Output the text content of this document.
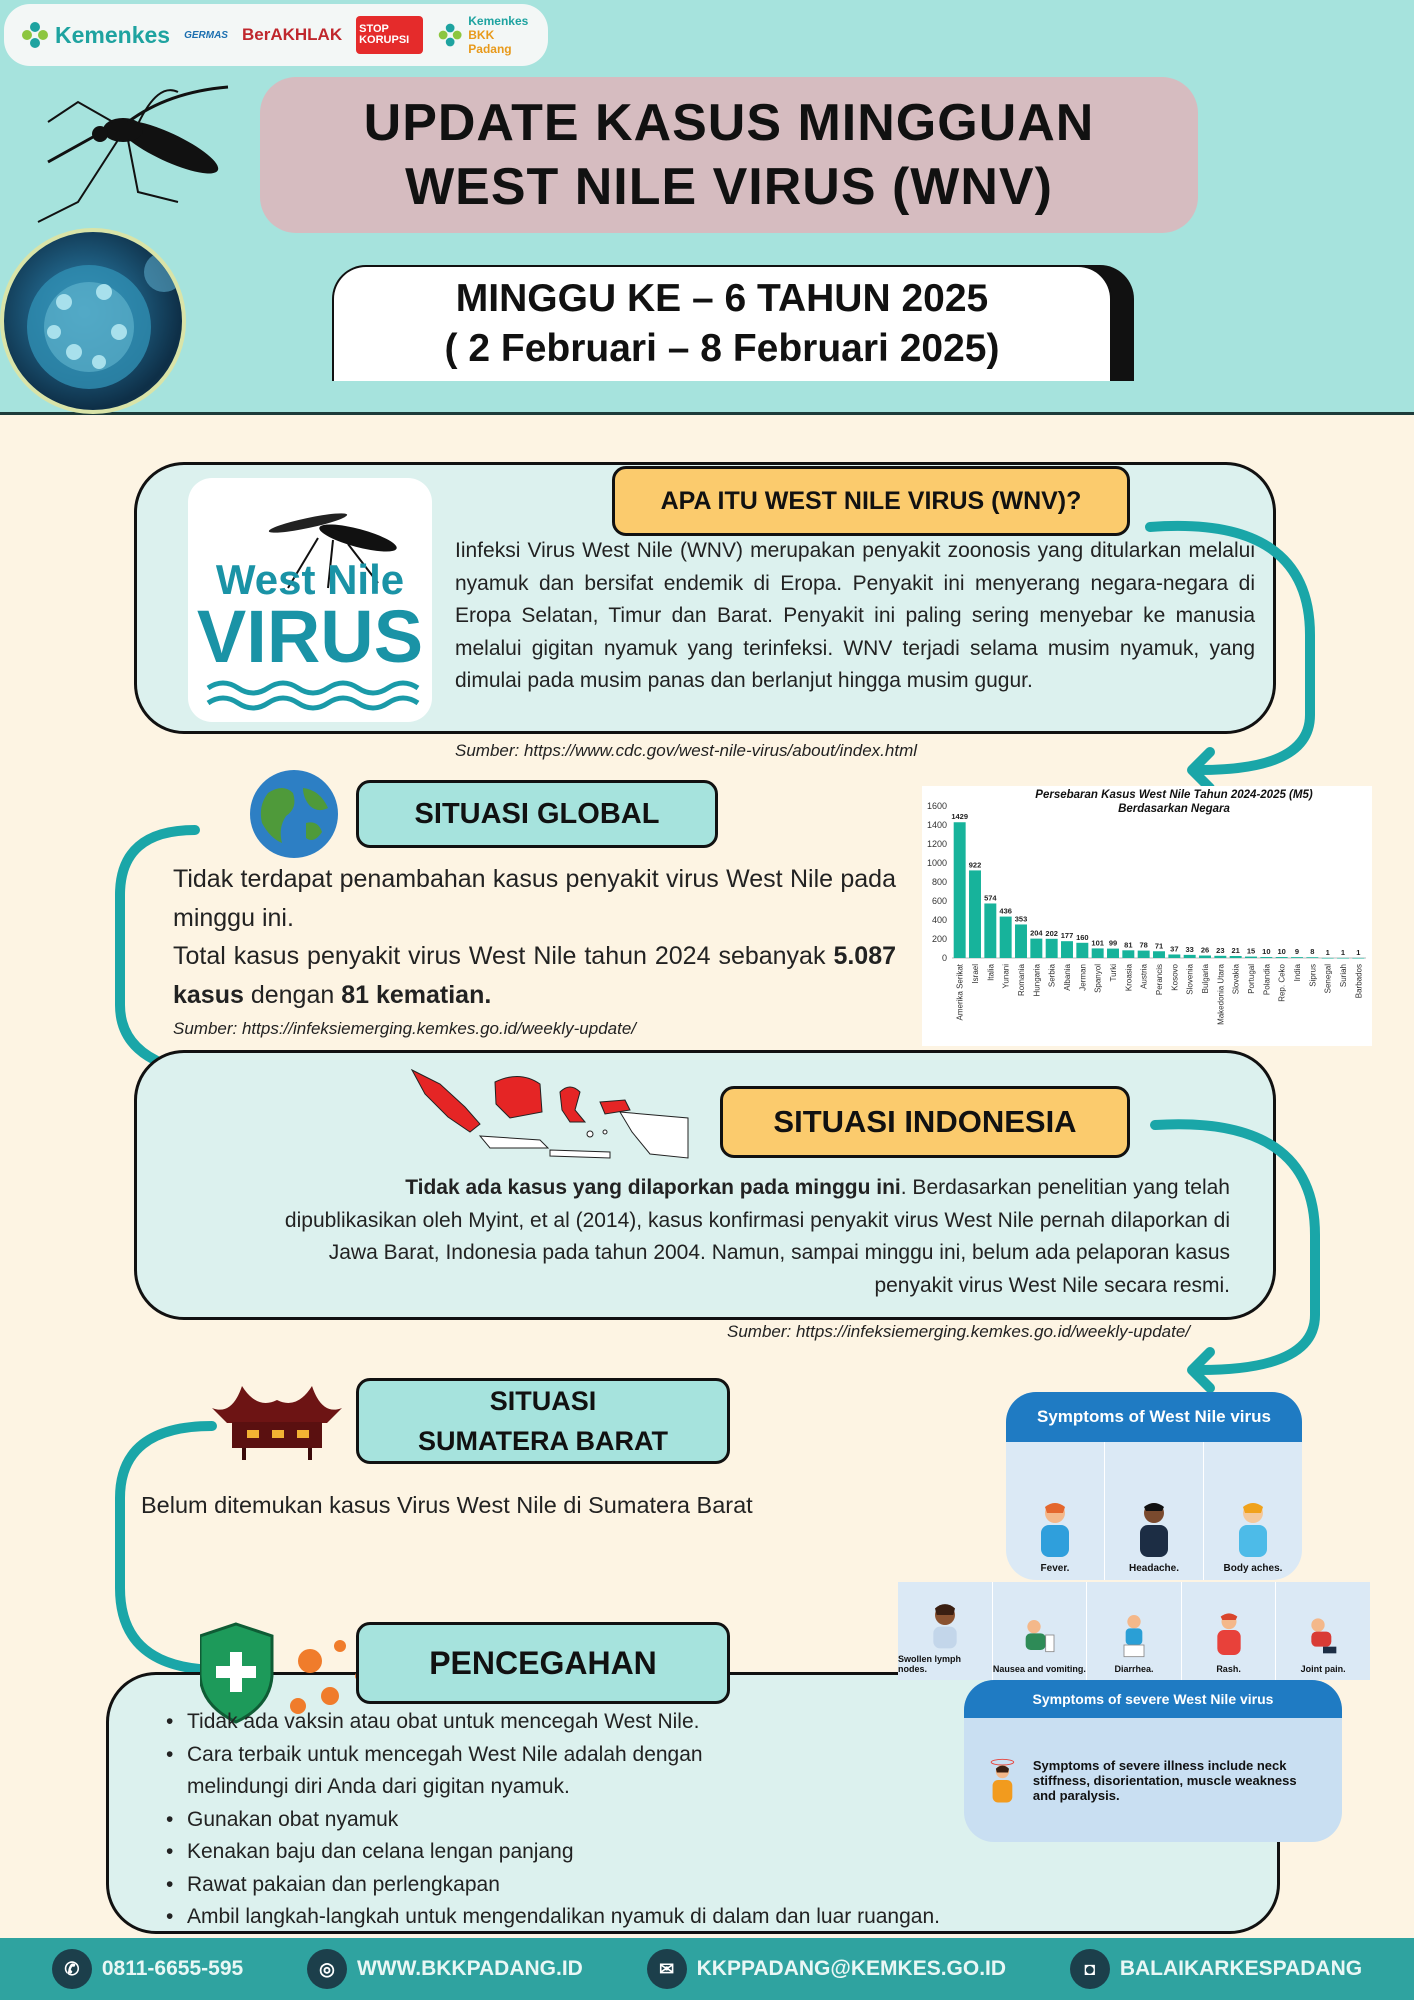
Kemenkes GERMAS BerAKHLAK STOP KORUPSI
Kemenkes
BKK Padang
UPDATE KASUS MINGGUAN
WEST NILE VIRUS (WNV)
MINGGU KE – 6 TAHUN 2025
( 2 Februari – 8 Februari 2025)
West Nile
VIRUS
APA ITU WEST NILE VIRUS (WNV)?
Iinfeksi Virus West Nile (WNV) merupakan penyakit zoonosis yang ditularkan melalui nyamuk dan bersifat endemik di Eropa. Penyakit ini menyerang negara-negara di Eropa Selatan, Timur dan Barat. Penyakit ini paling sering menyebar ke manusia melalui gigitan nyamuk yang terinfeksi. WNV terjadi selama musim nyamuk, yang dimulai pada musim panas dan berlanjut hingga musim gugur.
Sumber: https://www.cdc.gov/west-nile-virus/about/index.html
SITUASI GLOBAL
Tidak terdapat penambahan kasus penyakit virus West Nile pada minggu ini.
Total kasus penyakit virus West Nile tahun 2024 sebanyak 5.087 kasus dengan 81 kematian.
Sumber: https://infeksiemerging.kemkes.go.id/weekly-update/
Persebaran Kasus West Nile Tahun 2024-2025 (M5)
Berdasarkan Negara
0
200
400
600
800
1000
1200
1400
1600
1429
Amerika Serikat
922
Israel
574
Italia
436
Yunani
353
Romania
204
Hungaria
202
Serbia
177
Albania
160
Jerman
101
Spanyol
99
Turki
81
Kroasia
78
Austria
71
Perancis
37
Kosovo
33
Slovenia
26
Bulgaria
23
Makedonia Utara
21
Slovakia
15
Portugal
10
Polandia
10
Rep. Ceko
9
India
8
Siprus
1
Senegal
1
Suriah
1
Barbados
SITUASI INDONESIA
Tidak ada kasus yang dilaporkan pada minggu ini. Berdasarkan penelitian yang telah dipublikasikan oleh Myint, et al (2014), kasus konfirmasi penyakit virus West Nile pernah dilaporkan di Jawa Barat, Indonesia pada tahun 2004. Namun, sampai minggu ini, belum ada pelaporan kasus penyakit virus West Nile secara resmi.
Sumber: https://infeksiemerging.kemkes.go.id/weekly-update/
SITUASI
SUMATERA BARAT
Belum ditemukan kasus Virus West Nile di Sumatera Barat
PENCEGAHAN
• Tidak ada vaksin atau obat untuk mencegah West Nile.
• Cara terbaik untuk mencegah West Nile adalah dengan melindungi diri Anda dari gigitan nyamuk.
• Gunakan obat nyamuk
• Kenakan baju dan celana lengan panjang
• Rawat pakaian dan perlengkapan
• Ambil langkah-langkah untuk mengendalikan nyamuk di dalam dan luar ruangan.
Symptoms of West Nile virus
Fever.	Headache.	Body aches.
Swollen lymph nodes.	Nausea and vomiting.	Diarrhea.	Rash.	Joint pain.
Symptoms of severe West Nile virus
Symptoms of severe illness include neck stiffness, disorientation, muscle weakness and paralysis.
✆	0811-6655-595	◎	WWW.BKKPADANG.ID	✉	KKPPADANG@KEMKES.GO.ID	◘	BALAIKARKESPADANG
